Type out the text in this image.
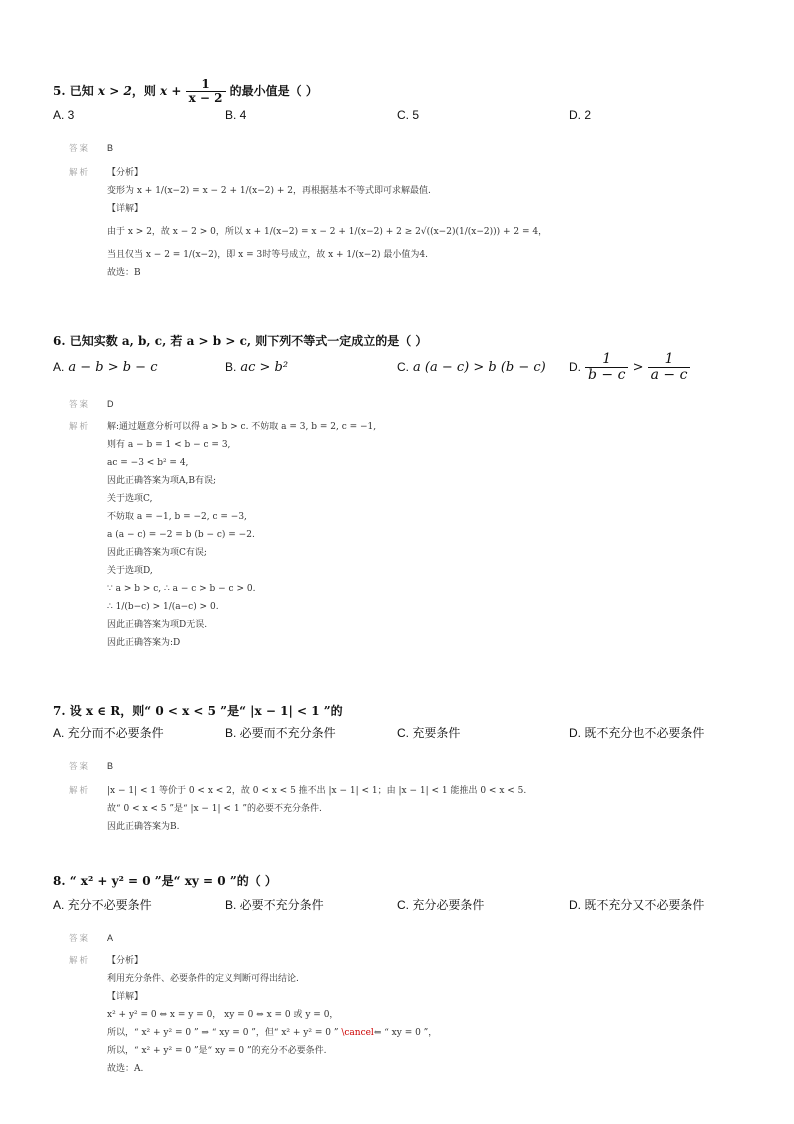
5. 已知 x > 2，则 $x + \frac{1}{x - 2}$ 的最小值是（ ）
A. 3	B. 4	C. 5	D. 2
答案 B
解析 【分析】
变形为 x + 1/(x−2) = x − 2 + 1/(x−2) + 2，再根据基本不等式即可求解最值.
【详解】
由于 x > 2，故 x − 2 > 0，所以 x + 1/(x−2) = x − 2 + 1/(x−2) + 2 ≥ 2√((x−2)(1/(x−2))) + 2 = 4，
当且仅当 x − 2 = 1/(x−2)，即 x = 3时等号成立，故 x + 1/(x−2) 最小值为4.
故选：B
6. 已知实数 a, b, c, 若 a > b > c, 则下列不等式一定成立的是（ ）
A. a − b > b − c	B. ac > b²	C. a (a − c) > b (b − c) D. $\frac{1}{b - c} > \frac{1}{a - c}$
答案 D
解析 解:通过题意分析可以得 a > b > c. 不妨取 a = 3, b = 2, c = −1,
则有 a − b = 1 < b − c = 3,
ac = −3 < b² = 4,
因此正确答案为项A,B有误;
关于选项C,
不妨取 a = −1, b = −2, c = −3,
a (a − c) = −2 = b (b − c) = −2.
因此正确答案为项C有误;
关于选项D,
∵ a > b > c, ∴ a − c > b − c > 0.
∴ 1/(b−c) > 1/(a−c) > 0.
因此正确答案为项D无误.
因此正确答案为:D
7. 设 x ∈ R，则“ 0 < x < 5 ”是“ |x − 1| < 1 ”的
A. 充分而不必要条件	B. 必要而不充分条件	C. 充要条件	D. 既不充分也不必要条件
答案 B
解析 |x − 1| < 1 等价于 0 < x < 2，故 0 < x < 5 推不出 |x − 1| < 1；由 |x − 1| < 1 能推出 0 < x < 5.
故“ 0 < x < 5 ”是“ |x − 1| < 1 ”的必要不充分条件.
因此正确答案为B.
8. “ x² + y² = 0 ”是“ xy = 0 ”的（ ）
A. 充分不必要条件	B. 必要不充分条件	C. 充分必要条件	D. 既不充分又不必要条件
答案 A
解析 【分析】
利用充分条件、必要条件的定义判断可得出结论.
【详解】
x² + y² = 0 ⇔ x = y = 0， xy = 0 ⇔ x = 0 或 y = 0，
所以，“ x² + y² = 0 ” ⇒ “ xy = 0 ”，但“ x² + y² = 0 ” \cancel⇐ “ xy = 0 ”，
所以，“ x² + y² = 0 ”是“ xy = 0 ”的充分不必要条件.
故选：A.
